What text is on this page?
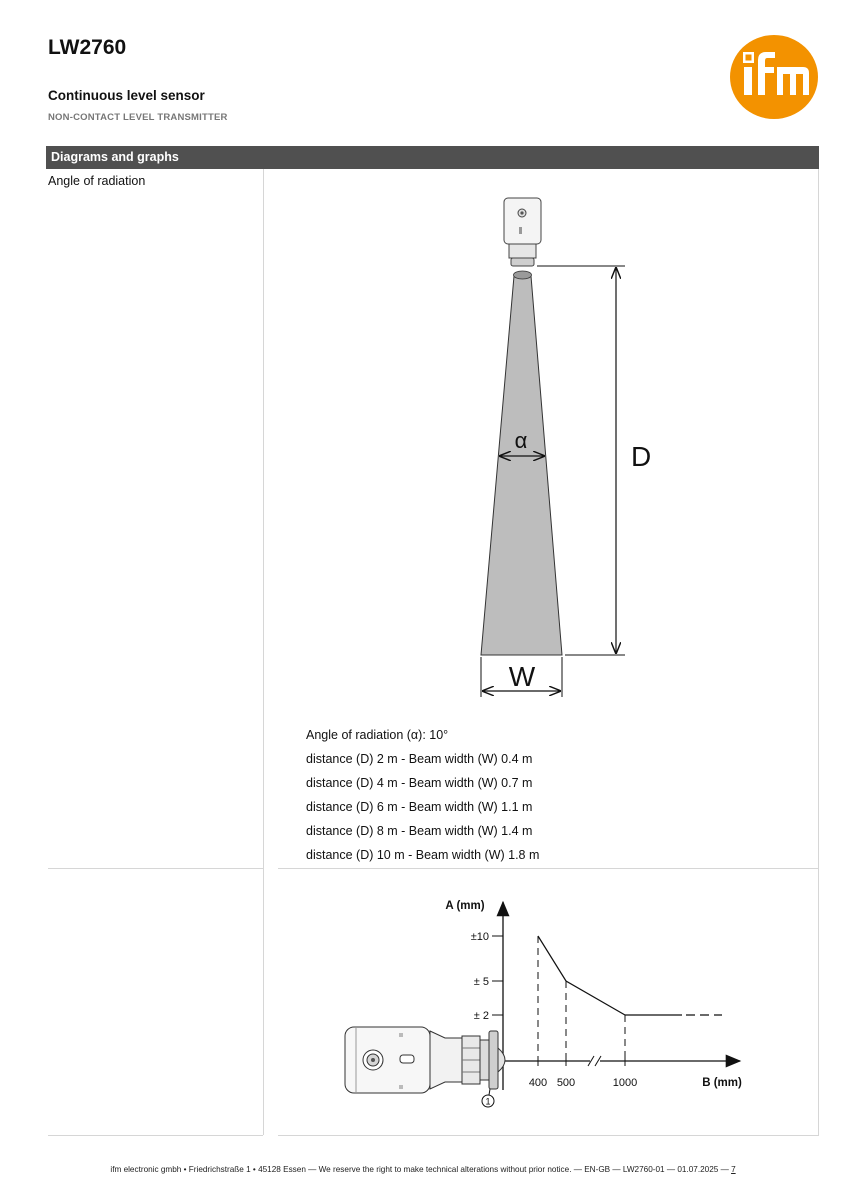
LW2760
Continuous level sensor
NON-CONTACT LEVEL TRANSMITTER
Diagrams and graphs
Angle of radiation
α
D
W
Angle of radiation (α): 10°
distance (D) 2 m - Beam width (W) 0.4 m
distance (D) 4 m - Beam width (W) 0.7 m
distance (D) 6 m - Beam width (W) 1.1 m
distance (D) 8 m - Beam width (W) 1.4 m
distance (D) 10 m - Beam width (W) 1.8 m
A (mm)
B (mm)
±10
± 5
± 2
400 500	1000
1
ifm electronic gmbh • Friedrichstraße 1 • 45128 Essen — We reserve the right to make technical alterations without prior notice. — EN-GB — LW2760-01 — 01.07.2025 — 7
